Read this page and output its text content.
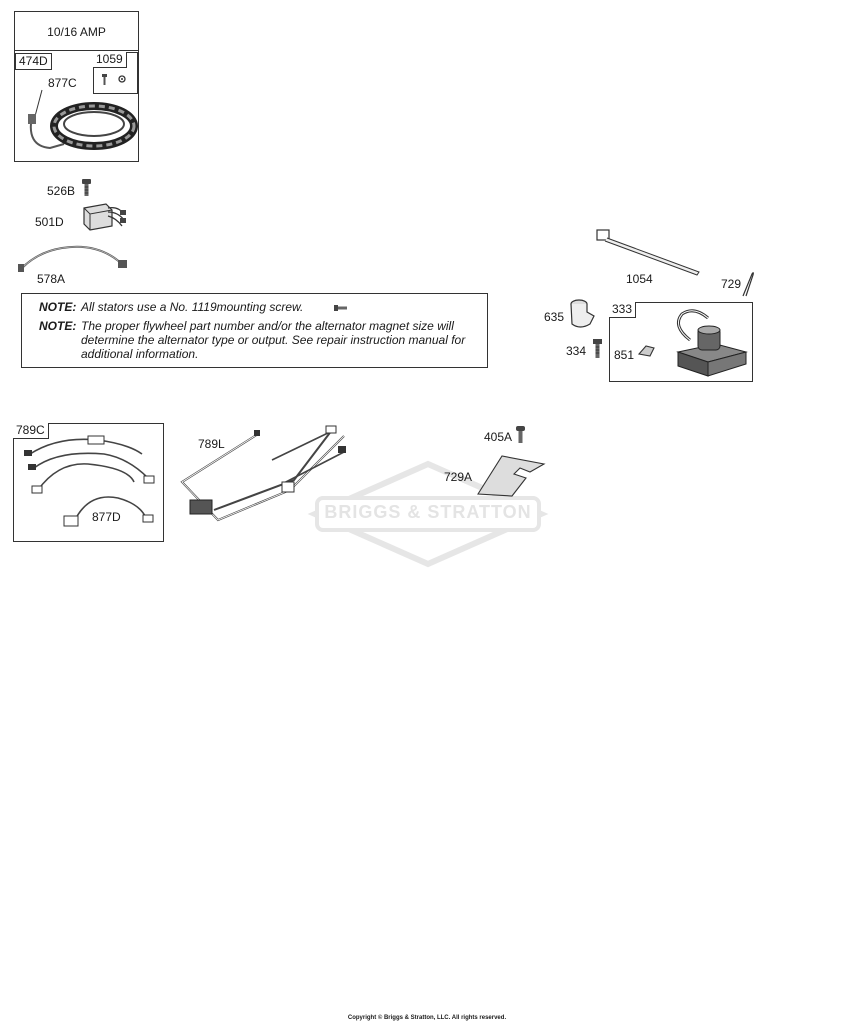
10/16 AMP
474D	1059
877C
526B
501D
578A
NOTE: All stators use a No. 1119mounting screw.
NOTE: The proper flywheel part number and/or the alternator magnet size will determine the alternator type or output. See repair instruction manual for additional information.
1054	729
635
334
333
851
789C
877D
789L
BRIGGS & STRATTON
405A
729A
Copyright © Briggs & Stratton, LLC. All rights reserved.
